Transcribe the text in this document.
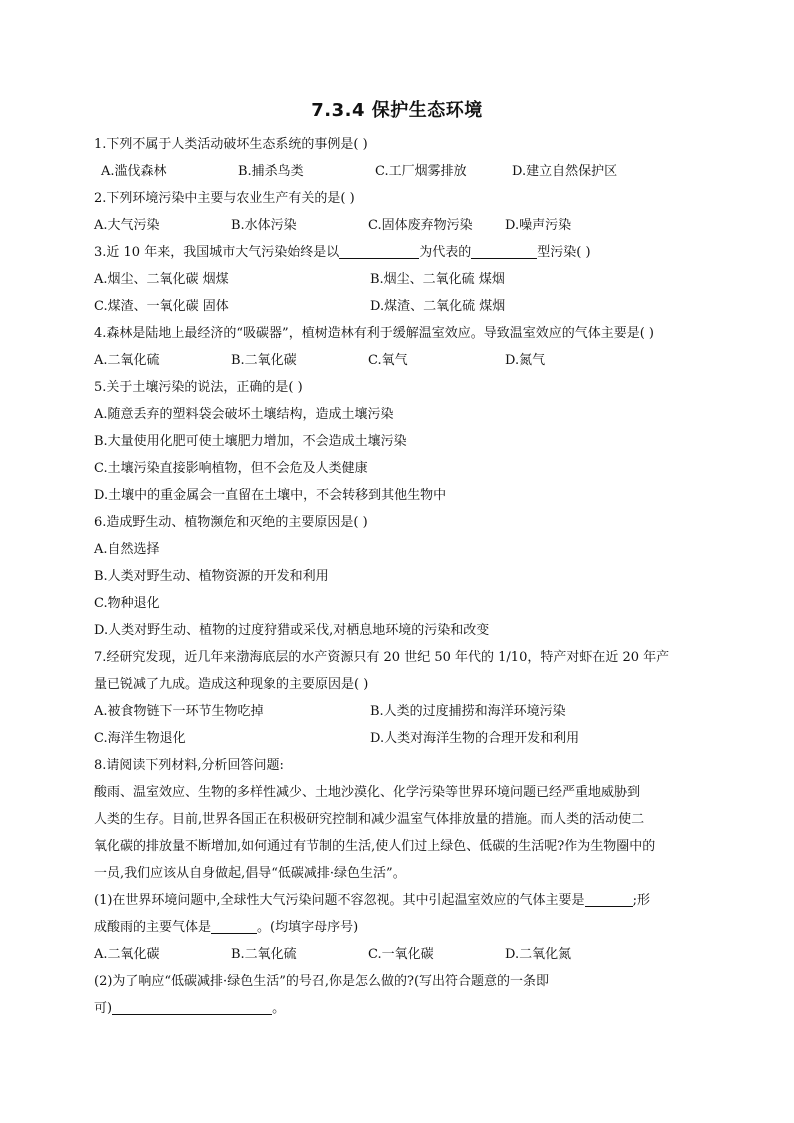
7.3.4 保护生态环境
1.下列不属于人类活动破坏生态系统的事例是( )
A.滥伐森林	B.捕杀鸟类	C.工厂烟雾排放	D.建立自然保护区
2.下列环境污染中主要与农业生产有关的是( )
A.大气污染	B.水体污染	C.固体废弃物污染	D.噪声污染
3.近 10 年来，我国城市大气污染始终是以	为代表的	型污染( )
A.烟尘、二氧化碳 烟煤	B.烟尘、二氧化硫 煤烟
C.煤渣、一氧化碳 固体	D.煤渣、二氧化硫 煤烟
4.森林是陆地上最经济的“吸碳器”，植树造林有利于缓解温室效应。导致温室效应的气体主要是( )
A.二氧化硫	B.二氧化碳	C.氧气	D.氮气
5.关于土壤污染的说法，正确的是( )
A.随意丢弃的塑料袋会破坏土壤结构，造成土壤污染
B.大量使用化肥可使土壤肥力增加，不会造成土壤污染
C.土壤污染直接影响植物，但不会危及人类健康
D.土壤中的重金属会一直留在土壤中，不会转移到其他生物中
6.造成野生动、植物濒危和灭绝的主要原因是( )
A.自然选择
B.人类对野生动、植物资源的开发和利用
C.物种退化
D.人类对野生动、植物的过度狩猎或采伐,对栖息地环境的污染和改变
7.经研究发现，近几年来渤海底层的水产资源只有 20 世纪 50 年代的 1/10，特产对虾在近 20 年产
量已锐减了九成。造成这种现象的主要原因是( )
A.被食物链下一环节生物吃掉	B.人类的过度捕捞和海洋环境污染
C.海洋生物退化	D.人类对海洋生物的合理开发和利用
8.请阅读下列材料,分析回答问题:
酸雨、温室效应、生物的多样性减少、土地沙漠化、化学污染等世界环境问题已经严重地威胁到
人类的生存。目前,世界各国正在积极研究控制和减少温室气体排放量的措施。而人类的活动使二
氧化碳的排放量不断增加,如何通过有节制的生活,使人们过上绿色、低碳的生活呢?作为生物圈中的
一员,我们应该从自身做起,倡导“低碳减排·绿色生活”。
(1)在世界环境问题中,全球性大气污染问题不容忽视。其中引起温室效应的气体主要是	;形
成酸雨的主要气体是	。(均填字母序号)
A.二氧化碳	B.二氧化硫	C.一氧化碳	D.二氧化氮
(2)为了响应“低碳减排·绿色生活”的号召,你是怎么做的?(写出符合题意的一条即
可)	。
